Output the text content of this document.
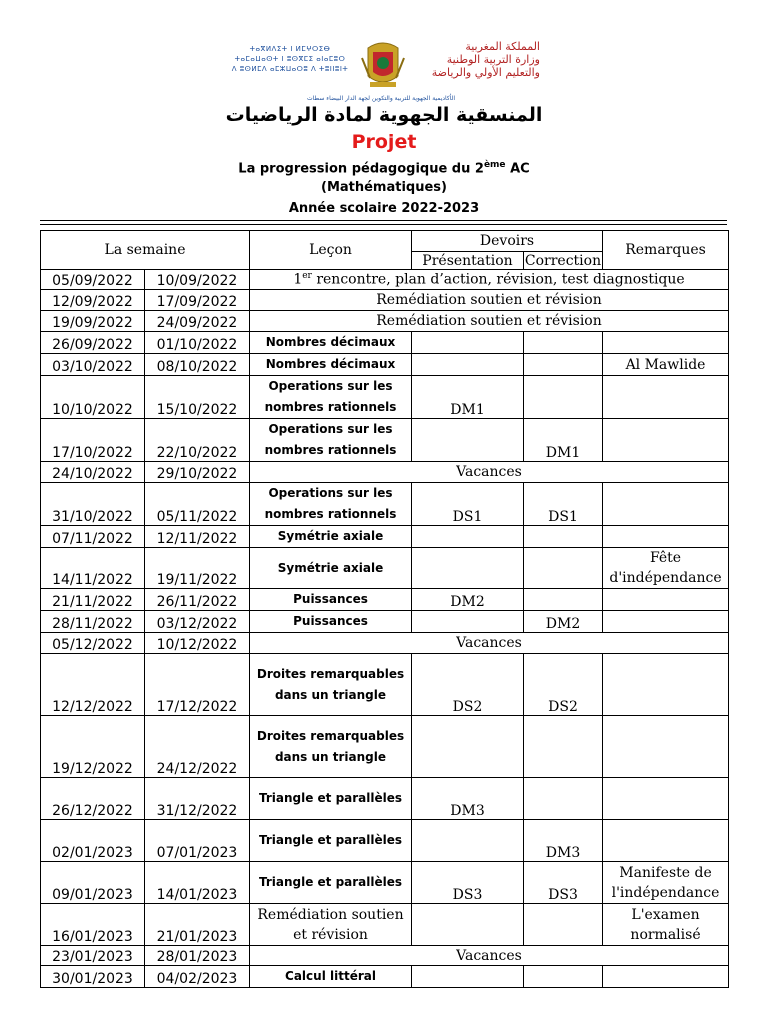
ⵜⴰⴳⵍⴷⵉⵜ ⵏ ⵍⵎⵖⵔⵉⴱ
ⵜⴰⵎⴰⵡⴰⵙⵜ ⵏ ⵓⵙⴳⵎⵉ ⴰⵏⴰⵎⵓⵔ
ⴷ ⵓⵙⵍⵎⴷ ⴰⵎⵣⵡⴰⵔⵓ ⴷ ⵜⵓⵏⵏⵓⵏⵜ
المملكة المغربية
وزارة التربية الوطنية
والتعليم الأولي والرياضة
الأكاديمية الجهوية للتربية والتكوين لجهة الدار البيضاء سطات
المنسقية الجهوية لمادة الرياضيات
Projet
La progression pédagogique du 2ème AC
(Mathématiques)
Année scolaire 2022-2023
La semaine		Leçon	Devoirs		Remarques
			Présentation	Correction	
05/09/2022	10/09/2022	1er rencontre, plan d’action, révision, test diagnostique			
12/09/2022	17/09/2022	Remédiation soutien et révision			
19/09/2022	24/09/2022	Remédiation soutien et révision			
26/09/2022	01/10/2022	Nombres décimaux			
03/10/2022	08/10/2022	Nombres décimaux			Al Mawlide
10/10/2022	15/10/2022	Operations sur les nombres rationnels	DM1		
17/10/2022	22/10/2022	Operations sur les nombres rationnels		DM1	
24/10/2022	29/10/2022	Vacances			
31/10/2022	05/11/2022	Operations sur les nombres rationnels	DS1	DS1	
07/11/2022	12/11/2022	Symétrie axiale			
14/11/2022	19/11/2022	Symétrie axiale			Fête d'indépendance
21/11/2022	26/11/2022	Puissances	DM2		
28/11/2022	03/12/2022	Puissances		DM2	
05/12/2022	10/12/2022	Vacances			
12/12/2022	17/12/2022	Droites remarquables dans un triangle	DS2	DS2	
19/12/2022	24/12/2022	Droites remarquables dans un triangle			
26/12/2022	31/12/2022	Triangle et parallèles	DM3		
02/01/2023	07/01/2023	Triangle et parallèles		DM3	
09/01/2023	14/01/2023	Triangle et parallèles	DS3	DS3	Manifeste de l'indépendance
16/01/2023	21/01/2023	Remédiation soutien et révision			L'examen normalisé
23/01/2023	28/01/2023	Vacances			
30/01/2023	04/02/2023	Calcul littéral			
